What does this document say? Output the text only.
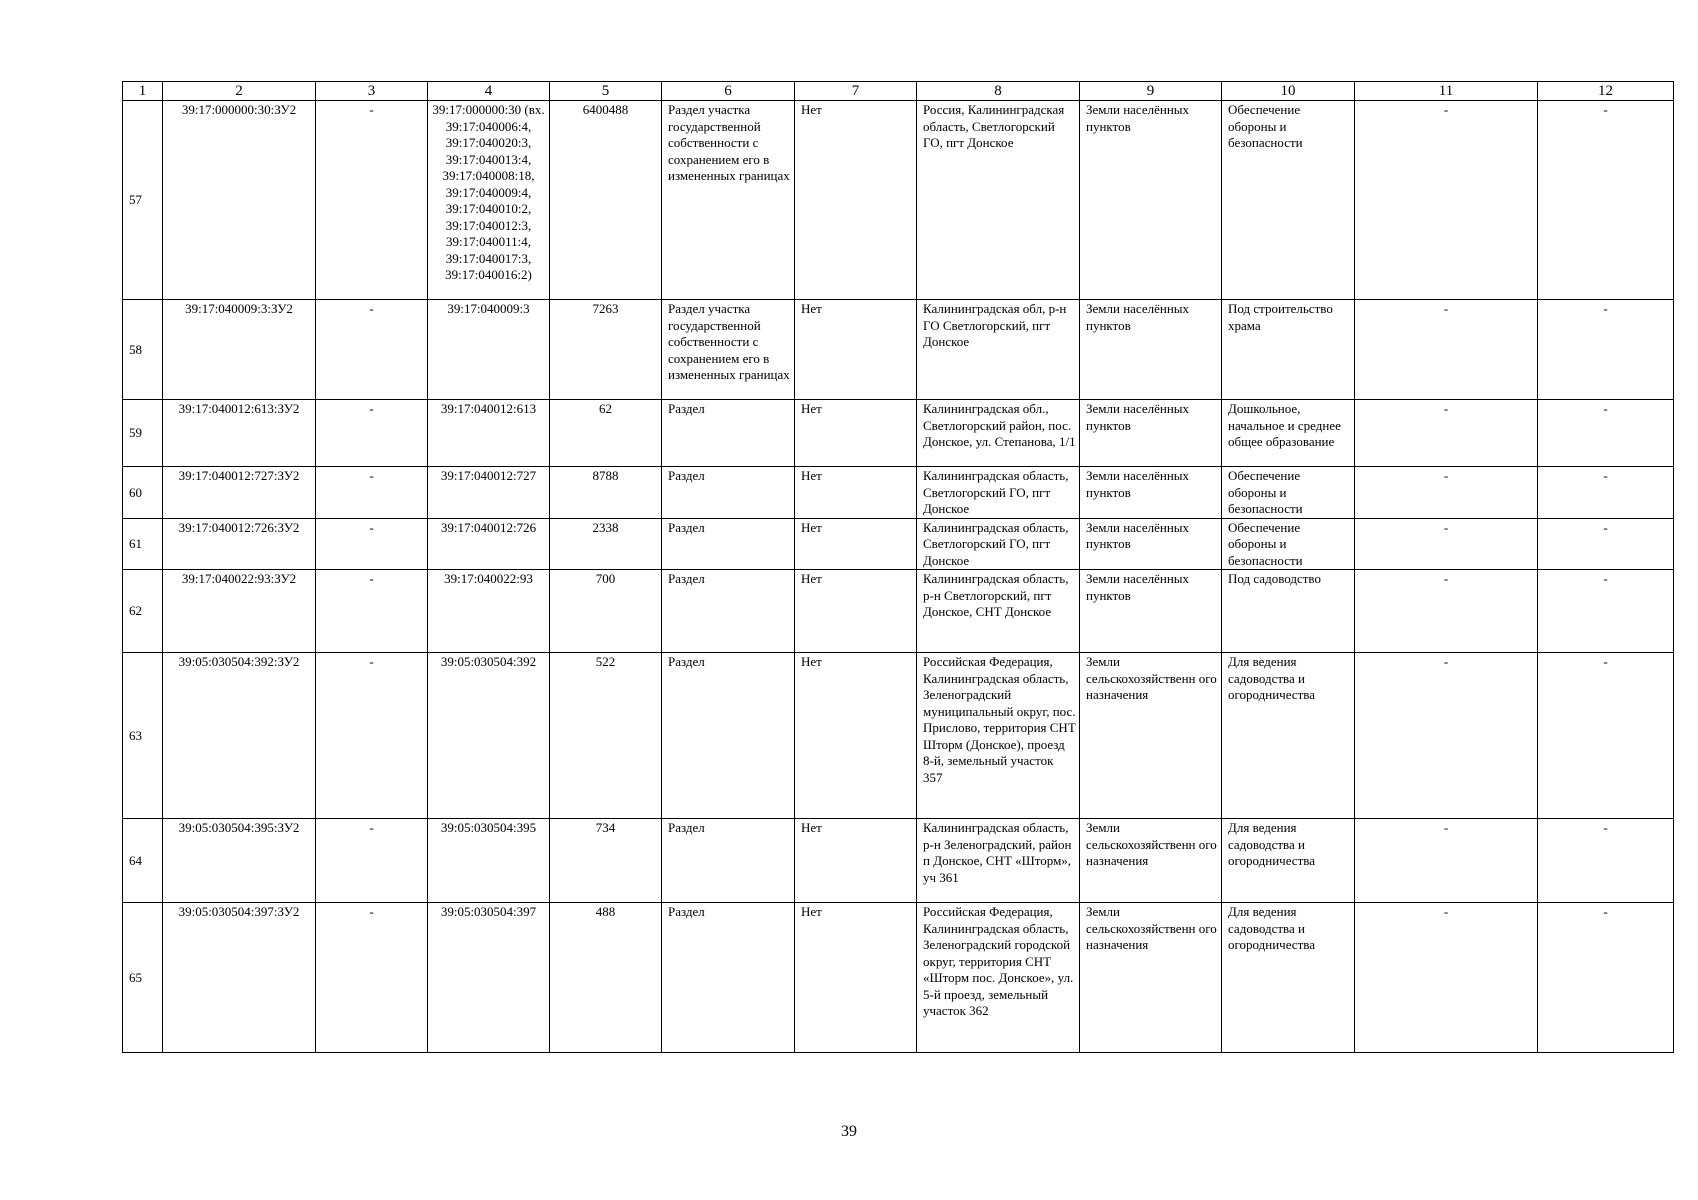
1	2	3	4	5	6	7	8	9	10	11	12
57	39:17:000000:30:ЗУ2	-	39:17:000000:30 (вх. 39:17:040006:4, 39:17:040020:3, 39:17:040013:4, 39:17:040008:18, 39:17:040009:4, 39:17:040010:2, 39:17:040012:3, 39:17:040011:4, 39:17:040017:3, 39:17:040016:2)	6400488	Раздел участка государственной собственности с сохранением его в измененных границах	Нет	Россия, Калининградская область, Светлогорский ГО, пгт Донское	Земли населённых пунктов	Обеспечение обороны и безопасности	-	-
58	39:17:040009:3:ЗУ2	-	39:17:040009:3	7263	Раздел участка государственной собственности с сохранением его в измененных границах	Нет	Калининградская обл, р-н ГО Светлогорский, пгт Донское	Земли населённых пунктов	Под строительство храма	-	-
59	39:17:040012:613:ЗУ2	-	39:17:040012:613	62	Раздел	Нет	Калининградская обл., Светлогорский район, пос. Донское, ул. Степанова, 1/1	Земли населённых пунктов	Дошкольное, начальное и среднее общее образование	-	-
60	39:17:040012:727:ЗУ2	-	39:17:040012:727	8788	Раздел	Нет	Калининградская область, Светлогорский ГО, пгт Донское	Земли населённых пунктов	Обеспечение обороны и безопасности	-	-
61	39:17:040012:726:ЗУ2	-	39:17:040012:726	2338	Раздел	Нет	Калининградская область, Светлогорский ГО, пгт Донское	Земли населённых пунктов	Обеспечение обороны и безопасности	-	-
62	39:17:040022:93:ЗУ2	-	39:17:040022:93	700	Раздел	Нет	Калининградская область, р-н Светлогорский, пгт Донское, СНТ Донское	Земли населённых пунктов	Под садоводство	-	-
63	39:05:030504:392:ЗУ2	-	39:05:030504:392	522	Раздел	Нет	Российская Федерация, Калининградская область, Зеленоградский муниципальный округ, пос. Прислово, территория СНТ Шторм (Донское), проезд 8-й, земельный участок 357	Земли сельскохозяйственн ого назначения	Для ведения садоводства и огородничества	-	-
64	39:05:030504:395:ЗУ2	-	39:05:030504:395	734	Раздел	Нет	Калининградская область, р-н Зеленоградский, район п Донское, СНТ «Шторм», уч 361	Земли сельскохозяйственн ого назначения	Для ведения садоводства и огородничества	-	-
65	39:05:030504:397:ЗУ2	-	39:05:030504:397	488	Раздел	Нет	Российская Федерация, Калининградская область, Зеленоградский городской округ, территория СНТ «Шторм пос. Донское», ул. 5-й проезд, земельный участок 362	Земли сельскохозяйственн ого назначения	Для ведения садоводства и огородничества	-	-
39
